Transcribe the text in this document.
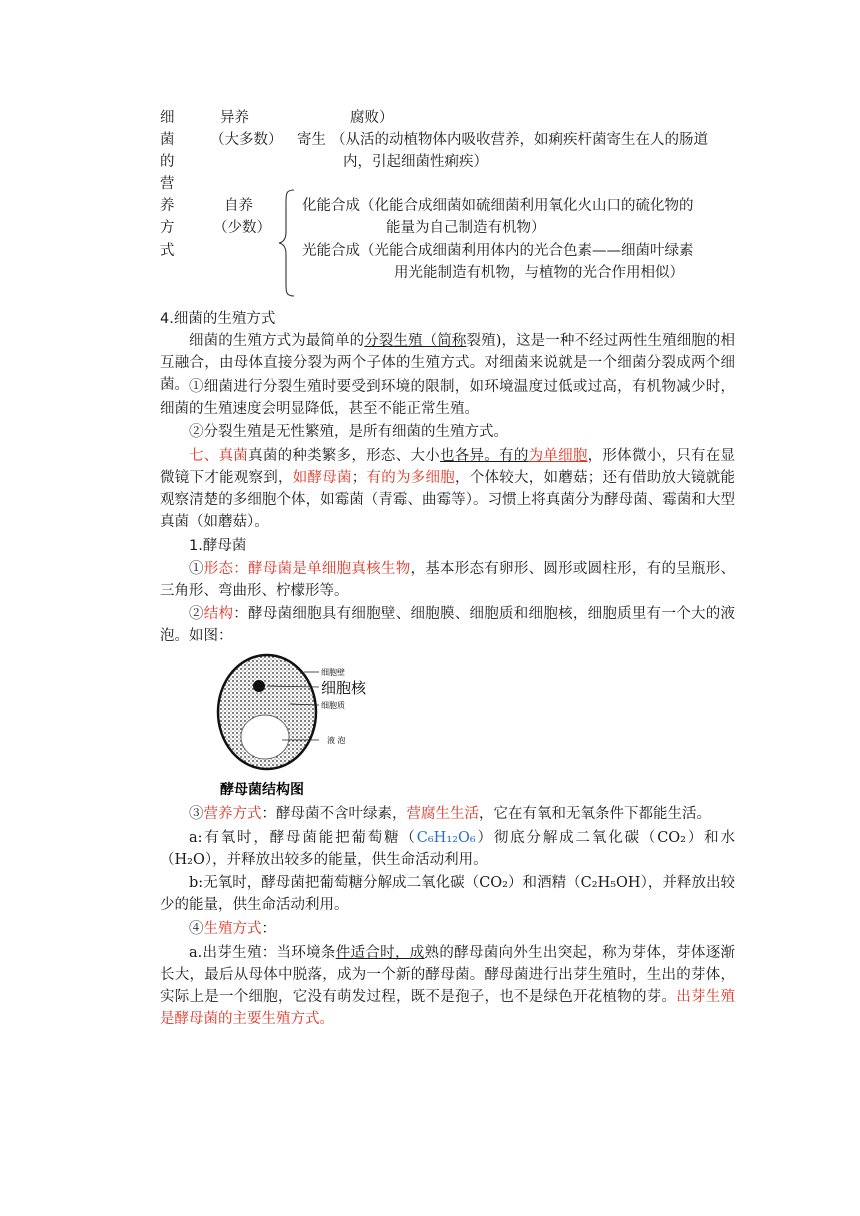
细
菌
的
营
养
方
式
异养	腐败）
（大多数） 寄生 （从活的动植物体内吸收营养，如痢疾杆菌寄生在人的肠道
内，引起细菌性痢疾）
自养
（少数）
化能合成（化能合成细菌如硫细菌利用氧化火山口的硫化物的
能量为自己制造有机物）
光能合成（光能合成细菌利用体内的光合色素——细菌叶绿素
用光能制造有机物，与植物的光合作用相似）
4.细菌的生殖方式
细菌的生殖方式为最简单的分裂生殖（简称裂殖)，这是一种不经过两性生殖细胞的相互融合，由母体直接分裂为两个子体的生殖方式。对细菌来说就是一个细菌分裂成两个细菌。 ①细菌进行分裂生殖时要受到环境的限制，如环境温度过低或过高，有机物减少时，细菌的生殖速度会明显降低，甚至不能正常生殖。
②分裂生殖是无性繁殖，是所有细菌的生殖方式。
七、真菌真菌的种类繁多，形态、大小也各异。有的为单细胞，形体微小，只有在显微镜下才能观察到，如酵母菌；有的为多细胞，个体较大，如蘑菇；还有借助放大镜就能观察清楚的多细胞个体，如霉菌（青霉、曲霉等）。习惯上将真菌分为酵母菌、霉菌和大型真菌（如蘑菇）。
1.酵母菌
①形态：酵母菌是单细胞真核生物，基本形态有卵形、圆形或圆柱形，有的呈瓶形、三角形、弯曲形、柠檬形等。
②结构：酵母菌细胞具有细胞壁、细胞膜、细胞质和细胞核，细胞质里有一个大的液泡。如图：
细胞壁
细胞核
细胞质
液 泡
酵母菌结构图
③营养方式：酵母菌不含叶绿素，营腐生生活，它在有氧和无氧条件下都能生活。
a:有氧时，酵母菌能把葡萄糖（C₆H₁₂O₆）彻底分解成二氧化碳（CO₂）和水（H₂O），并释放出较多的能量，供生命活动利用。
b:无氧时，酵母菌把葡萄糖分解成二氧化碳（CO₂）和酒精（C₂H₅OH），并释放出较少的能量，供生命活动利用。
④生殖方式：
a.出芽生殖：当环境条件适合时，成熟的酵母菌向外生出突起，称为芽体，芽体逐渐长大，最后从母体中脱落，成为一个新的酵母菌。酵母菌进行出芽生殖时，生出的芽体，实际上是一个细胞，它没有萌发过程，既不是孢子，也不是绿色开花植物的芽。出芽生殖是酵母菌的主要生殖方式。
